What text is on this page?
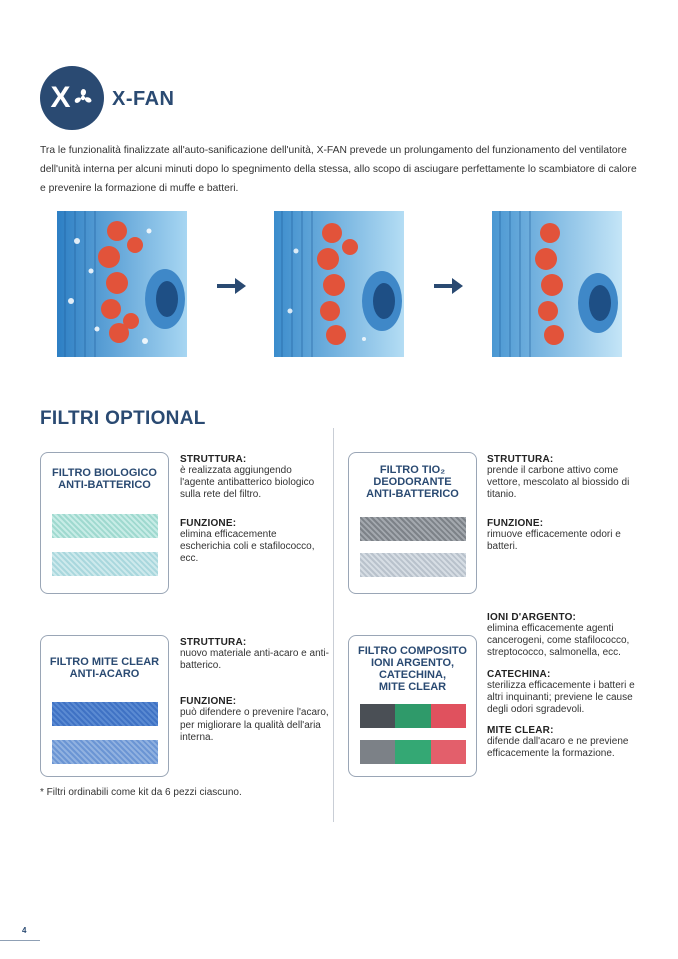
X X-FAN
Tra le funzionalità finalizzate all'auto-sanificazione dell'unità, X-FAN prevede un prolungamento del funzionamento del ventilatore dell'unità interna per alcuni minuti dopo lo spegnimento della stessa, allo scopo di asciugare perfettamente lo scambiatore di calore e prevenire la formazione di muffe e batteri.
FILTRI OPTIONAL
FILTRO BIOLOGICO
ANTI-BATTERICO
STRUTTURA:
è realizzata aggiungendo l'agente antibatterico biologico sulla rete del filtro.
FUNZIONE:
elimina efficacemente escherichia coli e stafilococco, ecc.
FILTRO TIO₂
DEODORANTE
ANTI-BATTERICO
STRUTTURA:
prende il carbone attivo come vettore, mescolato al biossido di titanio.
FUNZIONE:
rimuove efficacemente odori e batteri.
FILTRO MITE CLEAR
ANTI-ACARO
STRUTTURA:
nuovo materiale anti-acaro e anti-batterico.
FUNZIONE:
può difendere o prevenire l'acaro, per migliorare la qualità dell'aria interna.
FILTRO COMPOSITO
IONI ARGENTO,
CATECHINA,
MITE CLEAR
IONI D'ARGENTO:
elimina efficacemente agenti cancerogeni, come stafilococco, streptococco, salmonella, ecc.
CATECHINA:
sterilizza efficacemente i batteri e altri inquinanti; previene le cause degli odori sgradevoli.
MITE CLEAR:
difende dall'acaro e ne previene efficacemente la formazione.
* Filtri ordinabili come kit da 6 pezzi ciascuno.
4
